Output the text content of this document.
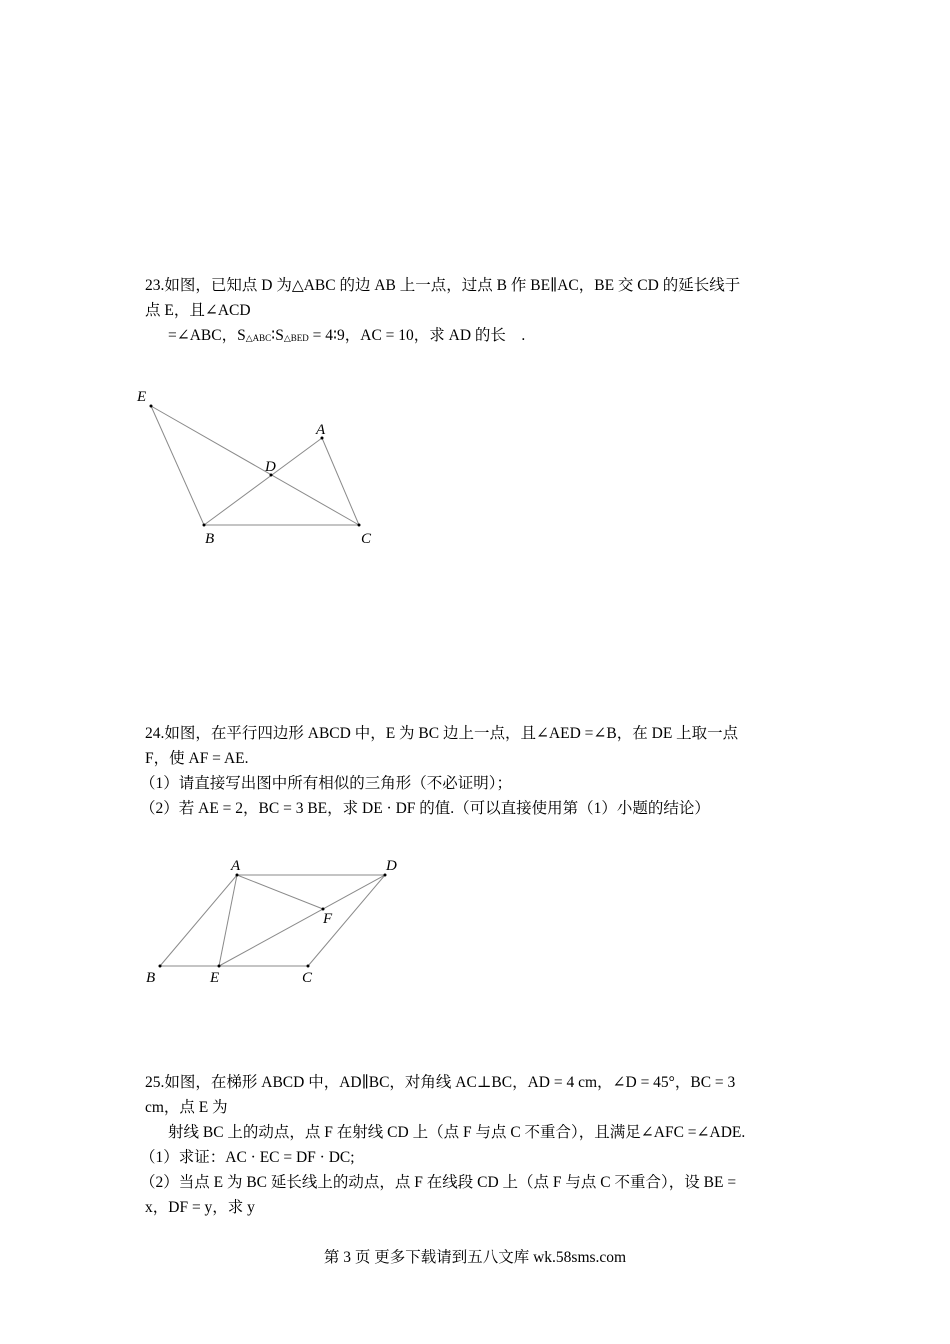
23.如图，已知点 D 为△ABC 的边 AB 上一点，过点 B 作 BE∥AC，BE 交 CD 的延长线于
点 E，且∠ACD
=∠ABC，S△ABC∶S△BED = 4∶9，AC = 10，求 AD 的长　.
E
A
D
B	C
A	D
F
B	E	C
24.如图，在平行四边形 ABCD 中，E 为 BC 边上一点，且∠AED =∠B，在 DE 上取一点
F，使 AF = AE.
（1）请直接写出图中所有相似的三角形（不必证明）；
（2）若 AE = 2，BC = 3 BE，求 DE · DF 的值.（可以直接使用第（1）小题的结论）
25.如图，在梯形 ABCD 中，AD∥BC，对角线 AC⊥BC，AD = 4 cm，∠D = 45°，BC = 3
cm，点 E 为
射线 BC 上的动点，点 F 在射线 CD 上（点 F 与点 C 不重合），且满足∠AFC =∠ADE.
（1）求证：AC · EC = DF · DC;
（2）当点 E 为 BC 延长线上的动点，点 F 在线段 CD 上（点 F 与点 C 不重合），设 BE =
x，DF = y，求 y
第 3 页 更多下载请到五八文库 wk.58sms.com
